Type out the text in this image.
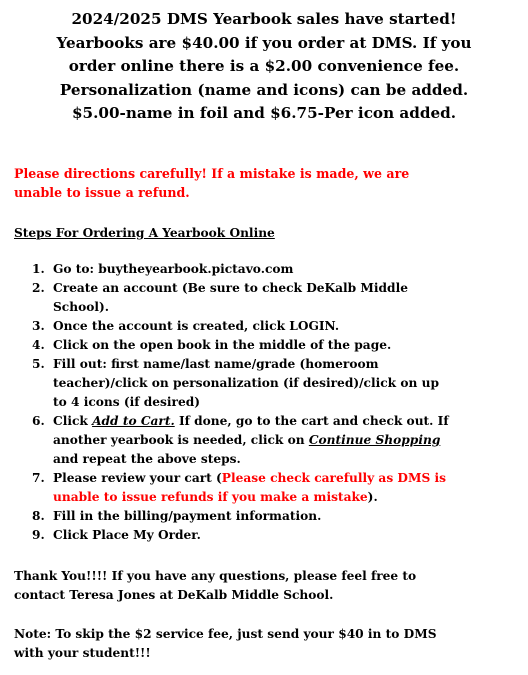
2024/2025 DMS Yearbook sales have started!
Yearbooks are $40.00 if you order at DMS. If you
order online there is a $2.00 convenience fee.
Personalization (name and icons) can be added.
$5.00-name in foil and $6.75-Per icon added.
Please directions carefully! If a mistake is made, we are
unable to issue a refund.
Steps For Ordering A Yearbook Online
1. Go to: buytheyearbook.pictavo.com
2. Create an account (Be sure to check DeKalb Middle
School).
3. Once the account is created, click LOGIN.
4. Click on the open book in the middle of the page.
5. Fill out: first name/last name/grade (homeroom
teacher)/click on personalization (if desired)/click on up
to 4 icons (if desired)
6. Click Add to Cart. If done, go to the cart and check out. If
another yearbook is needed, click on Continue Shopping
and repeat the above steps.
7. Please review your cart (Please check carefully as DMS is
unable to issue refunds if you make a mistake).
8. Fill in the billing/payment information.
9. Click Place My Order.
Thank You!!!! If you have any questions, please feel free to
contact Teresa Jones at DeKalb Middle School.
Note: To skip the $2 service fee, just send your $40 in to DMS
with your student!!!
